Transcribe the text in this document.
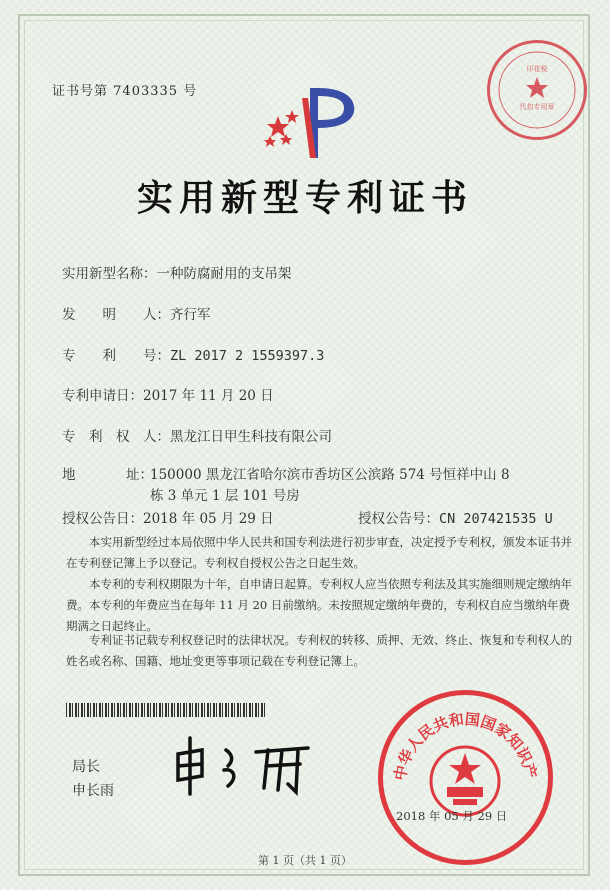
证书号第 7403335 号
实用新型专利证书
代扣专用章
印花税
实用新型名称：一种防腐耐用的支吊架
发　　明　　人：齐行军
专　　利　　号：ZL 2017 2 1559397.3
专利申请日：2017 年 11 月 20 日
专　利　权　人：黑龙江日甲生科技有限公司
地	址：
150000 黑龙江省哈尔滨市香坊区公滨路 574 号恒祥中山 8
栋 3 单元 1 层 101 号房
授权公告日：2018 年 05 月 29 日	授权公告号：CN 207421535 U
本实用新型经过本局依照中华人民共和国专利法进行初步审查，决定授予专利权，颁发本证书并在专利登记簿上予以登记。专利权自授权公告之日起生效。
本专利的专利权期限为十年，自申请日起算。专利权人应当依照专利法及其实施细则规定缴纳年费。本专利的年费应当在每年 11 月 20 日前缴纳。未按照规定缴纳年费的，专利权自应当缴纳年费期满之日起终止。
专利证书记载专利权登记时的法律状况。专利权的转移、质押、无效、终止、恢复和专利权人的姓名或名称、国籍、地址变更等事项记载在专利登记簿上。
局长
申长雨
中华人民共和国国家知识产
2018 年 05 月 29 日
第 1 页（共 1 页）
